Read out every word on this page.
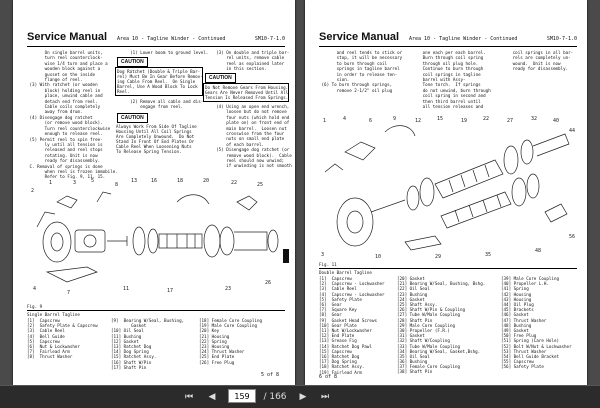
Service Manual Area 10 - Tagline Winder - Continued	SM10-7-1.0
On single barrel units,
turn reel counterclock-
wise 1/4 turn and place a
wooden block against a
gusset on the inside
flange of reel.
(3) With ratchet (or wooden
block) holding reel in
place, unwind cable and
detach end from reel.
Cable coils completely
away from drum.
(4) Disengage dog ratchet
(or remove wood block).
Turn reel counterclockwise
enough to release reel.
(5) Permit reel to spin free-
ly until all tension is
released and reel stops
rotating. Unit is now
ready for disassembly.
C. Removal of springs is done
when reel is frozen immobile.
Refer to Fig. 9, 11, 15.
(1) Lower boom to ground level.
CAUTION
Dog Ratchet (Double & Triple Bar-
rel) Must Be In Gear Before Remov-
ing Cable From Reel.  On Single
Barrel, Use A Wood Block To Lock
Reel.
(2) Remove all cable and dis-
engage from reel.
CAUTION
Always Work From Side Of Tagline
Housing Until All Coil Springs
Are Completely Unwound.  Do Not
Stand In Front Of End Plates Or
Cable Reel When Loosening Nuts
To Release Spring Tension.
(3) On double and triple bar-
rel units, remove cable
reel as explained later
in this section.
CAUTION
Do Not Remove Gears From Housing.
Gears Are Never Removed Until All
Tension Is Released From Springs.
(4) Using an open end wrench,
loosen but do not remove
four nuts (which hold end
plate on) on front end of
main barrel.  Loosen nut
crosswise from the four
nuts on small end plate
of each barrel.
(5) Disengage dog ratchet (or
remove wood block).  Cable
reel should now unwind;
if unwinding is not smooth
2
1	3	5
8
13	16	18	20	22	25
4
7
11	17	23
26
Fig. 9
Single Barrel Tagline
[1]  Capscrew
[2]  Safety Plate & Capscrew
[3]  Cable Reel
[4]  Bell Guide
[5]  Capscrew
[6]  Nut & Lockwasher
[7]  Fairlead Arm
[8]  Thrust Washer
[9]  Bearing W/Seal, Bushing,
Gasket
[10] Oil Seal
[11] Bushing
[12] Gasket
[13] Ratchet Dog
[14] Dog Spring
[15] Ratchet Assy.
[16] Shaft W/Pin
[17] Shaft Pin
[18] Female Core Coupling
[19] Male Core Coupling
[20] Key
[21] Housing
[22] Spring
[23] Housing
[24] Thrust Washer
[25] End Plate
[26] Free Plug
5 of 8
Service Manual Area 10 - Tagline Winder - Continued	SM10-7-1.0
and reel tends to stick or
stop, it will be necessary
to burn through coil
springs in tagline barrel
in order to release ten-
sion.
(6) To burn through springs,
remove 2-1/2" oil plug
one each per each barrel.
Burn through coil spring
through oil plug hole.
Continue to burn through
coil springs in tagline
barrel with Assy-
Tone torch.  If springs
do not unwind, burn through
coil spring in second and
then third barrel until
all tension releases and
coil springs in all bar-
rels are completely un-
wound.  Unit is now
ready for disassembly.
1	4	6	9	12	15	19	22	27	32	40
44
3	10	29	35
48
56
Fig. 11
Double Barrel Tagline
[1]  Capscrew
[2]  Capscrew - Lockwasher
[3]  Cable Reel
[4]  Capscrew - Lockwasher
[5]  Safety Plate
[6]  Gear
[7]  Square Key
[8]  Gear
[9]  Gasket Head Screws
[10] Gear Plate
[11] Nut W/Lockwasher
[12] End Plate
[13] Grease Fig
[14] Ratchet Dog Pawl
[15] Capscrew
[16] Ratchet Dog
[17] Dog Spring
[18] Ratchet Assy.
[19] Fairlead Arm
[20] Gasket
[21] Bearing W/Seal, Bushing, Bshg.
[22] Oil Seal
[23] Bushing
[24] Gasket
[25] Shaft Assy.
[26] Shaft W/Pin & Coupling
[27] Tube W/Male Coupling
[28] Shaft Pin
[29] Male Core Coupling
[30] Propeller (F.R.)
[31] Gasket
[32] Shaft W/Coupling
[33] Tube W/Male Coupling
[34] Bearing W/Seal, Gasket,Bshg.
[35] Oil Seal
[36] Bushing
[37] Female Core Coupling
[38] Shaft Pin
[39] Male Core Coupling
[40] Propeller L.H.
[41] Spring
[42] Housing
[43] Housing
[44] Oil Plug
[45] Brackets
[46] Gasket
[47] Thrust Washer
[48] Bushing
[49] Gasket
[50] Free Plug
[51] Spring (Care Hole)
[52] Bolt W/Nut & Lockwasher
[53] Thrust Washer
[54] Bell Guide Bracket
[55] Capscrew
[56] Safety Plate
6 of 8
⏮	◀	159	/ 166	▶	⏭
